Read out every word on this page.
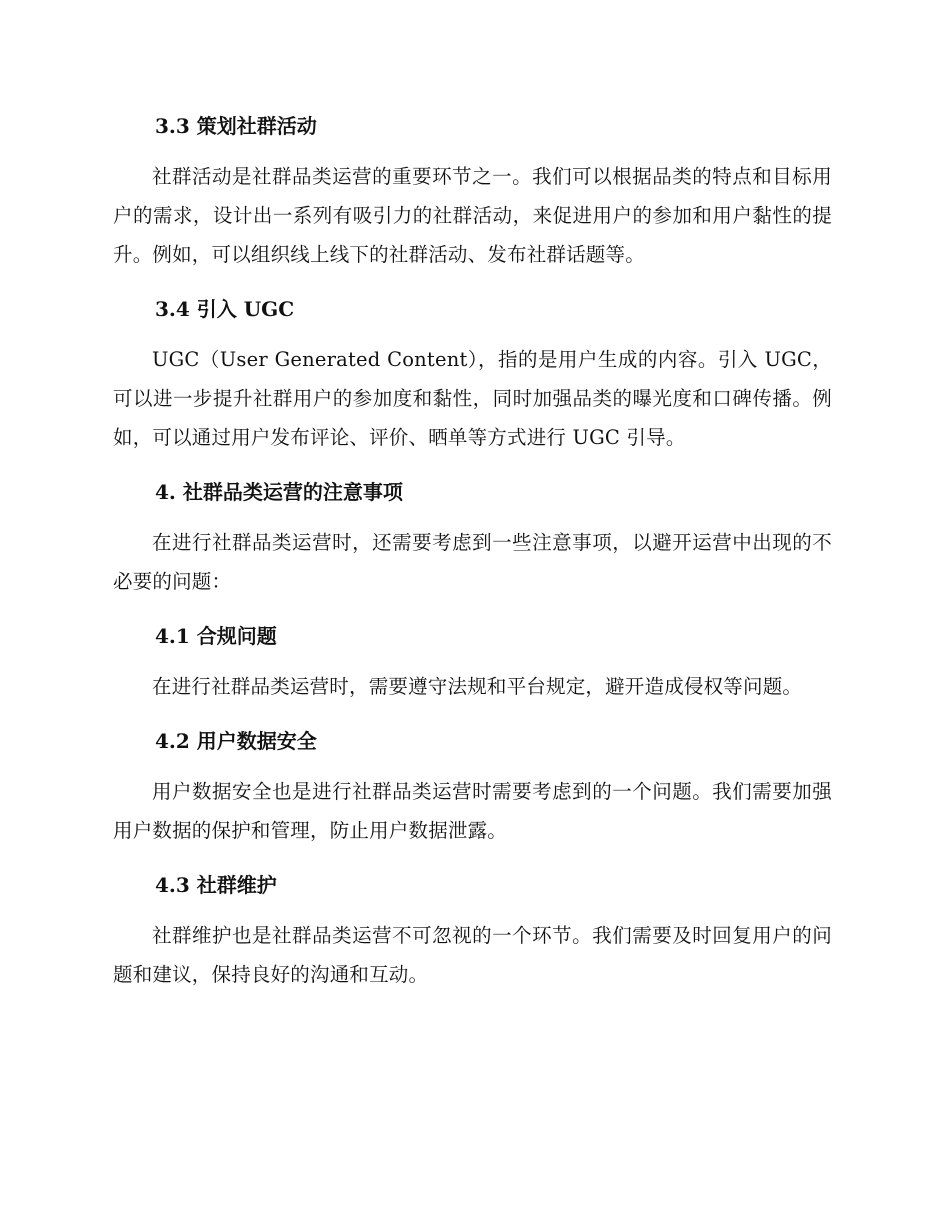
3.3 策划社群活动

社群活动是社群品类运营的重要环节之一。我们可以根据品类的特点和目标用户的需求，设计出一系列有吸引力的社群活动，来促进用户的参加和用户黏性的提升。例如，可以组织线上线下的社群活动、发布社群话题等。

3.4 引入 UGC

UGC（User Generated Content），指的是用户生成的内容。引入 UGC，可以进一步提升社群用户的参加度和黏性，同时加强品类的曝光度和口碑传播。例如，可以通过用户发布评论、评价、晒单等方式进行 UGC 引导。

4. 社群品类运营的注意事项

在进行社群品类运营时，还需要考虑到一些注意事项，以避开运营中出现的不必要的问题：

4.1 合规问题

在进行社群品类运营时，需要遵守法规和平台规定，避开造成侵权等问题。

4.2 用户数据安全

用户数据安全也是进行社群品类运营时需要考虑到的一个问题。我们需要加强用户数据的保护和管理，防止用户数据泄露。

4.3 社群维护

社群维护也是社群品类运营不可忽视的一个环节。我们需要及时回复用户的问题和建议，保持良好的沟通和互动。
